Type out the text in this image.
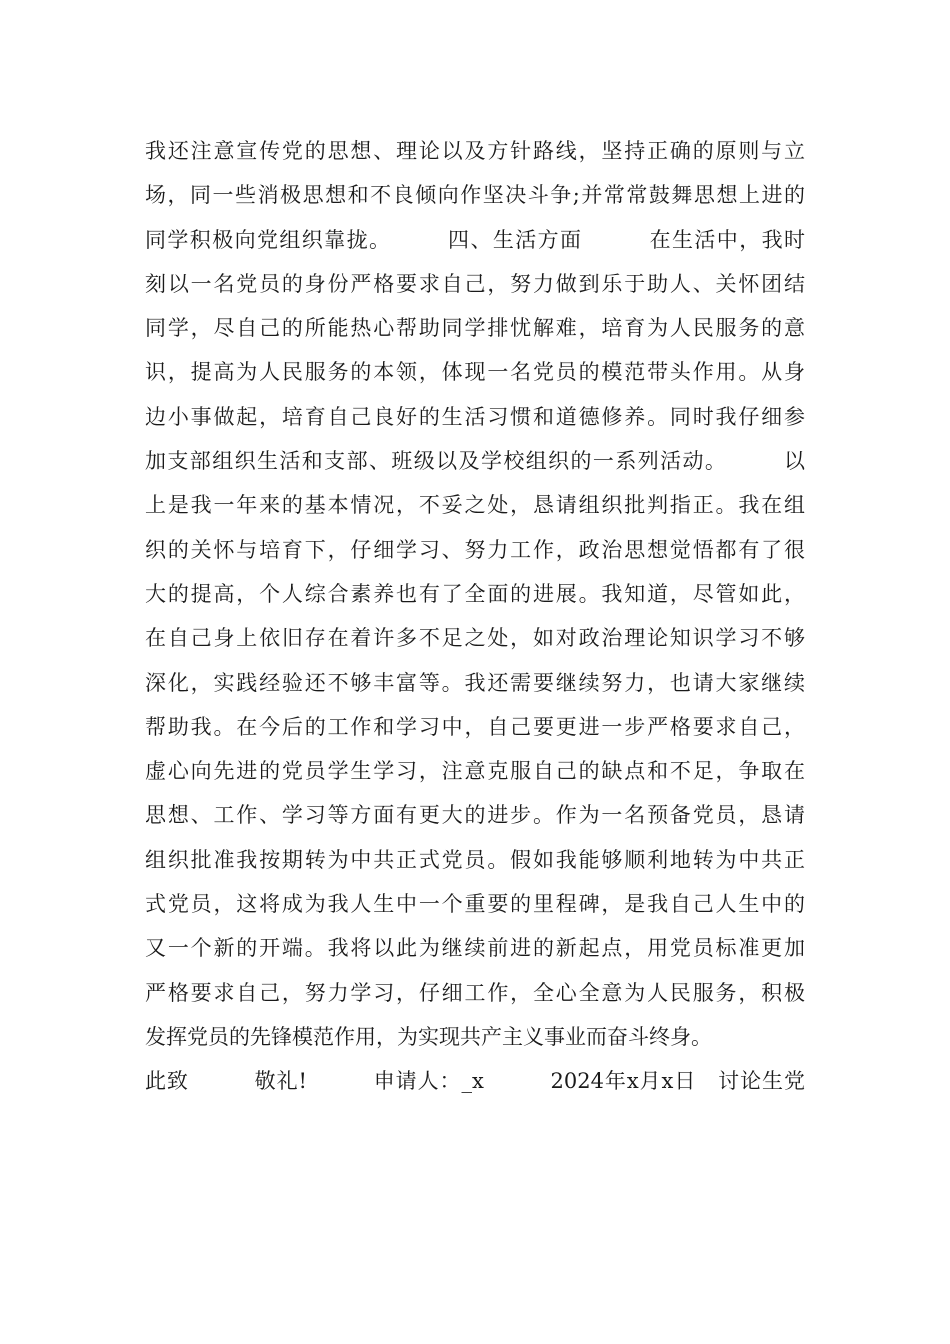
我还注意宣传党的思想、理论以及方针路线，坚持正确的原则与立
场，同一些消极思想和不良倾向作坚决斗争;并常常鼓舞思想上进的
同学积极向党组织靠拢。　　　四、生活方面　　　在生活中，我时
刻以一名党员的身份严格要求自己，努力做到乐于助人、关怀团结
同学，尽自己的所能热心帮助同学排忧解难，培育为人民服务的意
识，提高为人民服务的本领，体现一名党员的模范带头作用。从身
边小事做起，培育自己良好的生活习惯和道德修养。同时我仔细参
加支部组织生活和支部、班级以及学校组织的一系列活动。　　　以
上是我一年来的基本情况，不妥之处，恳请组织批判指正。我在组
织的关怀与培育下，仔细学习、努力工作，政治思想觉悟都有了很
大的提高，个人综合素养也有了全面的进展。我知道，尽管如此，
在自己身上依旧存在着许多不足之处，如对政治理论知识学习不够
深化，实践经验还不够丰富等。我还需要继续努力，也请大家继续
帮助我。在今后的工作和学习中，自己要更进一步严格要求自己，
虚心向先进的党员学生学习，注意克服自己的缺点和不足，争取在
思想、工作、学习等方面有更大的进步。作为一名预备党员，恳请
组织批准我按期转为中共正式党员。假如我能够顺利地转为中共正
式党员，这将成为我人生中一个重要的里程碑，是我自己人生中的
又一个新的开端。我将以此为继续前进的新起点，用党员标准更加
严格要求自己，努力学习，仔细工作，全心全意为人民服务，积极
发挥党员的先锋模范作用，为实现共产主义事业而奋斗终身。
此致　　　敬礼!　　　申请人：_x　　　2024年x月x日　讨论生党
